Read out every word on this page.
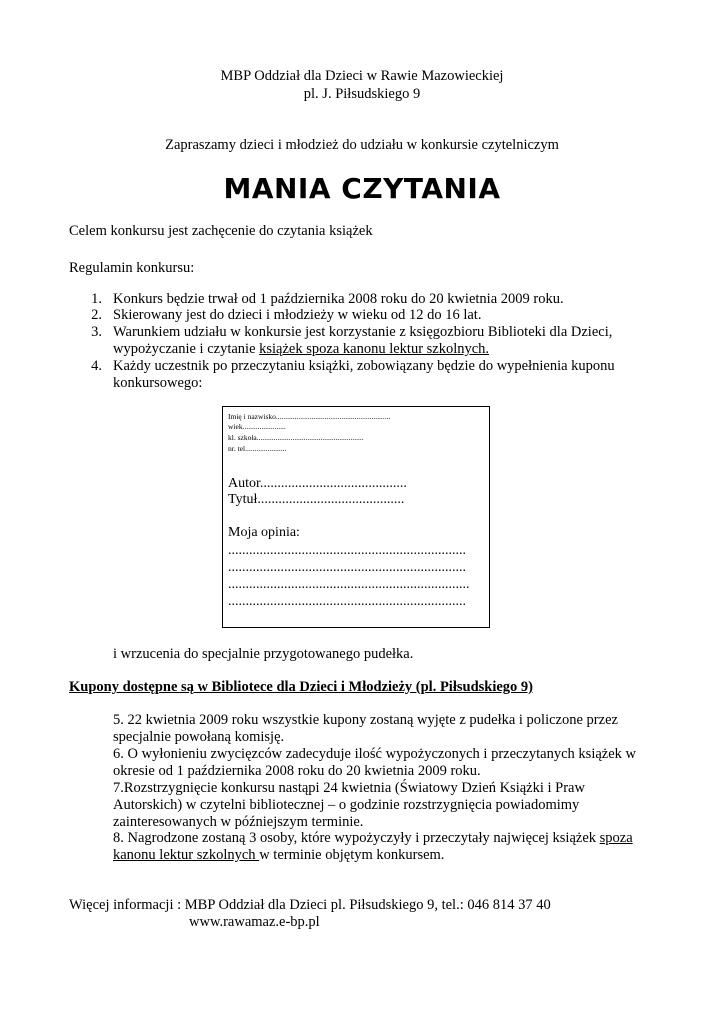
MBP Oddział dla Dzieci w Rawie Mazowieckiej
pl. J. Piłsudskiego 9
Zapraszamy dzieci i młodzież do udziału w konkursie czytelniczym
MANIA CZYTANIA
Celem konkursu jest zachęcenie do czytania książek
Regulamin konkursu:
1. Konkurs będzie trwał od 1 października 2008 roku do 20 kwietnia 2009 roku.
2. Skierowany jest do dzieci i młodzieży w wieku od 12 do 16 lat.
3. Warunkiem udziału w konkursie jest korzystanie z księgozbioru Biblioteki dla Dzieci,
wypożyczanie i czytanie książek spoza kanonu lektur szkolnych.
4. Każdy uczestnik po przeczytaniu książki, zobowiązany będzie do wypełnienia kuponu
konkursowego:
Imię i nazwisko.............................................................
wiek.......................
kl. szkoła.........................................................
nr. tel......................
Autor..........................................
Tytuł..........................................
Moja opinia:
....................................................................
....................................................................
.....................................................................
....................................................................
i wrzucenia do specjalnie przygotowanego pudełka.
Kupony dostępne są w Bibliotece dla Dzieci i Młodzieży (pl. Piłsudskiego 9)
5. 22 kwietnia 2009 roku wszystkie kupony zostaną wyjęte z pudełka i policzone przez
specjalnie powołaną komisję.
6. O wyłonieniu zwycięzców zadecyduje ilość wypożyczonych i przeczytanych książek w
okresie od 1 października 2008 roku do 20 kwietnia 2009 roku.
7.Rozstrzygnięcie konkursu nastąpi 24 kwietnia (Światowy Dzień Książki i Praw
Autorskich) w czytelni bibliotecznej – o godzinie rozstrzygnięcia powiadomimy
zainteresowanych w późniejszym terminie.
8. Nagrodzone zostaną 3 osoby, które wypożyczyły i przeczytały najwięcej książek spoza
kanonu lektur szkolnych w terminie objętym konkursem.
Więcej informacji : MBP Oddział dla Dzieci pl. Piłsudskiego 9, tel.: 046 814 37 40
www.rawamaz.e-bp.pl
